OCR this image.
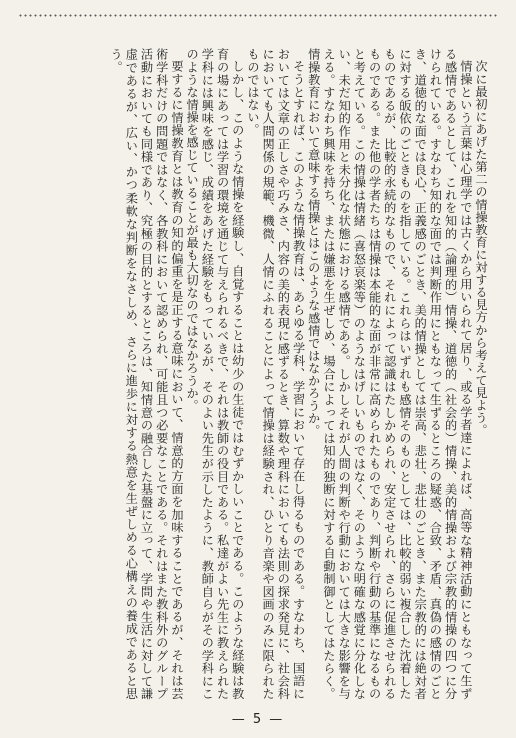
次に最初にあげた第二の情操教育に対する見方から考えて見よう。

情操という言葉は心理学では古くから用いられて居り、或る学者達によれば、高等な精神活動にともなって生ずる感情であるとして、これを知的（論理的）情操、道徳的（社会的）情操、美的情操および宗教的情操の四つに分けられている。すなわち知的な面では判断作用にともなって生ずるところの疑惑、合致、矛盾、真偽の感情のごとき、道徳的な面では良心、正義感のごとき、美的情操としては崇高、悲壮、悲壮のごとき、また宗教的には絶対者に対する皈依のごときものを指している。これらはいずれも感情そのものとしては、比較的弱い複合した沈着したものであるが、比較的永続的なもので、それによって認識はたしかめられ、安定させられ、さらに促進させられるものである。また他の学者たちは情操は本能的な面が非常に高められたものであり、判断や行動の基準になるものと考えている。この情操は情緒（喜怒哀楽等）のようなはげしいものではなく、そのような明確な感覚に分化しない、未だ知的作用と未分化な状態における感情である。しかしそれが人間の判断や行動においては大きな影響を与える。すなわち興味を持ち、または嫌悪を生ぜしめ、場合によっては知的独断に対する自動制御としてはたらく。情操教育において意味する情操とはこのような感情ではなかろうか。

そうとすれば、このような情操教育は、あらゆる学科、学習において存在し得るものである。すなわち、国語においては文章の正しさや巧みさ、内容の美的表現に感ずるとき、算数や理科においても法則の探求発見に、社会科においても人間関係の規範、機微、人情にふれることによって情操は経験され、ひとり音楽や図画のみに限られたものではない。

しかし、このような情操を経験し、自覚することは幼少の生徒ではむずかしいことである。このような経験は教育の場にあっては学習の環境を通じて与えられるべきで、それは教師の役目である。私達がよい先生に教えられた学科には興味を感じ、成績をあげた経験をもっているが、そのよい先生が示したように、教師自らがその学科にこのような情操を感じていることが最も大切なのではなかろうか。

要するに情操教育とは教育の知的偏重を是正する意味において、情意的方面を加味することであるが、それは芸術学科だけの問題ではなく、各教科において認められ、可能且つ必要なことである。それはまた教科外のグループ活動においても同様であり、究極の目的とするところは、知情意の融合した基盤に立って、学問や生活に対して謙虚であるが、広い、かつ柔軟な判断をなさしめ、さらに進歩に対する熱意を生ぜしめる心構えの養成であると思う。

— 5 —
